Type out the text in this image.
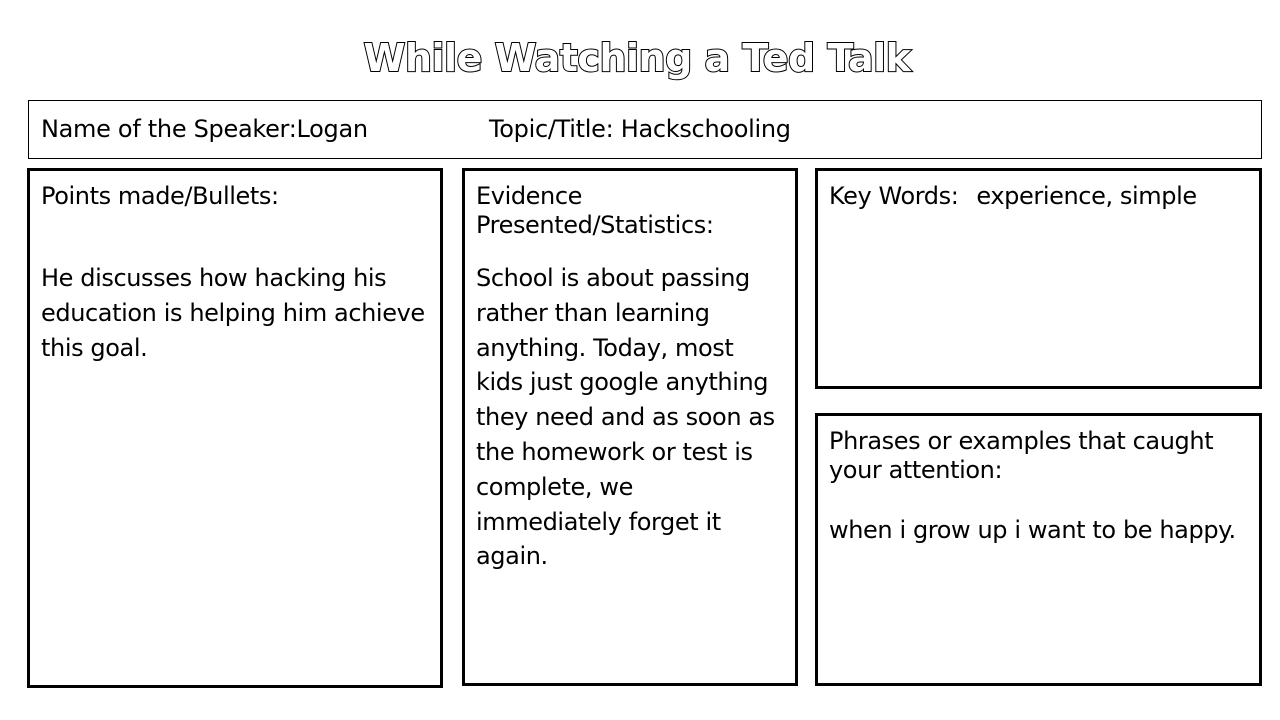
While Watching a Ted Talk
Name of the Speaker:Logan	Topic/Title: Hackschooling
Points made/Bullets:
He discusses how hacking his education is helping him achieve this goal.
Evidence Presented/Statistics:
School is about passing rather than learning anything. Today, most kids just google anything they need and as soon as the homework or test is complete, we immediately forget it again.
Key Words: experience, simple
Phrases or examples that caught your attention:
when i grow up i want to be happy.
